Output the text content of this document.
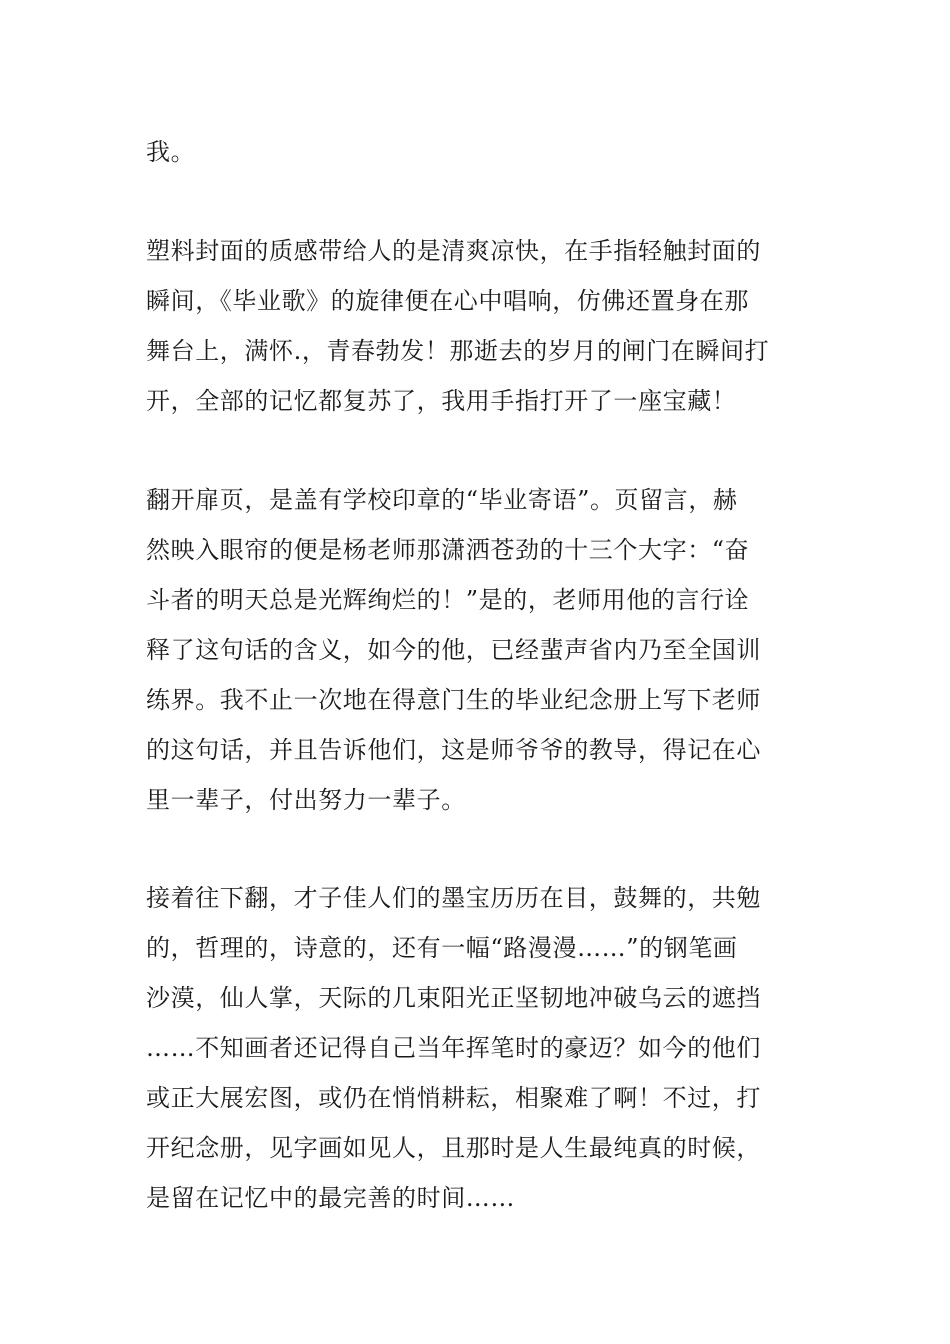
我。
塑料封面的质感带给人的是清爽凉快，在手指轻触封面的
瞬间，《毕业歌》的旋律便在心中唱响，仿佛还置身在那
舞台上，满怀.，青春勃发！那逝去的岁月的闸门在瞬间打
开，全部的记忆都复苏了，我用手指打开了一座宝藏！
翻开扉页，是盖有学校印章的“毕业寄语”。页留言，赫
然映入眼帘的便是杨老师那潇洒苍劲的十三个大字：“奋
斗者的明天总是光辉绚烂的！”是的，老师用他的言行诠
释了这句话的含义，如今的他，已经蜚声省内乃至全国训
练界。我不止一次地在得意门生的毕业纪念册上写下老师
的这句话，并且告诉他们，这是师爷爷的教导，得记在心
里一辈子，付出努力一辈子。
接着往下翻，才子佳人们的墨宝历历在目，鼓舞的，共勉
的，哲理的，诗意的，还有一幅“路漫漫……”的钢笔画
沙漠，仙人掌，天际的几束阳光正坚韧地冲破乌云的遮挡
……不知画者还记得自己当年挥笔时的豪迈？如今的他们
或正大展宏图，或仍在悄悄耕耘，相聚难了啊！不过，打
开纪念册，见字画如见人，且那时是人生最纯真的时候，
是留在记忆中的最完善的时间……
